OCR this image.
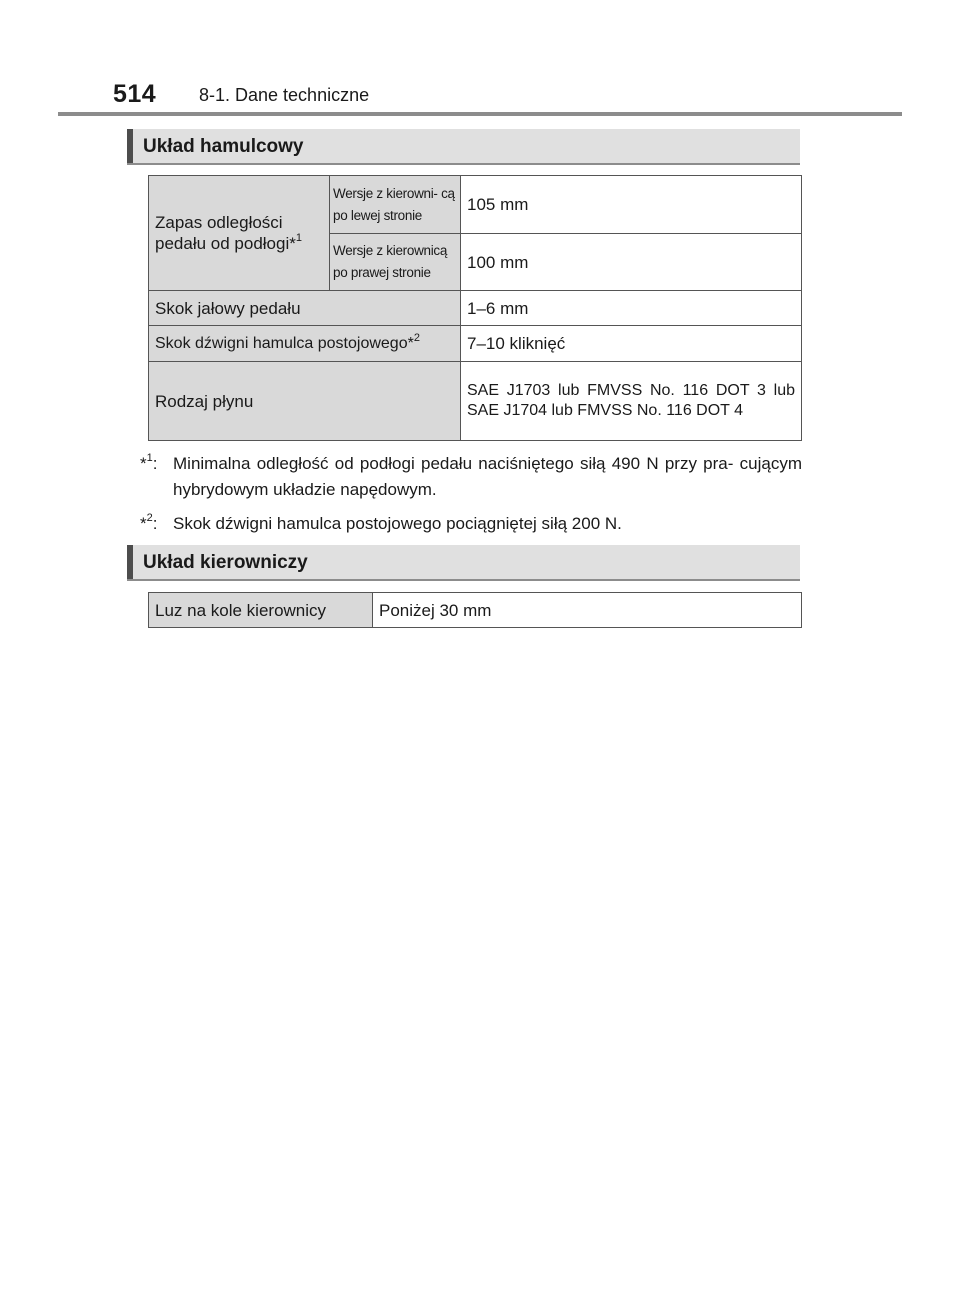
514 8-1. Dane techniczne
Układ hamulcowy
Zapas odległości pedału od podłogi*$^1$	Wersje z kierowni- cą po lewej stronie	105 mm
	Wersje z kierownicą po prawej stronie	100 mm
Skok jałowy pedału		1–6 mm
Skok dźwigni hamulca postojowego*$^2$		7–10 kliknięć
Rodzaj płynu		SAE J1703 lub FMVSS No. 116 DOT 3 lub SAE J1704 lub FMVSS No. 116 DOT 4
*$^1$: Minimalna odległość od podłogi pedału naciśniętego siłą 490 N przy pra- cującym hybrydowym układzie napędowym.
*$^2$: Skok dźwigni hamulca postojowego pociągniętej siłą 200 N.
Układ kierowniczy
Luz na kole kierownicy	Poniżej 30 mm
